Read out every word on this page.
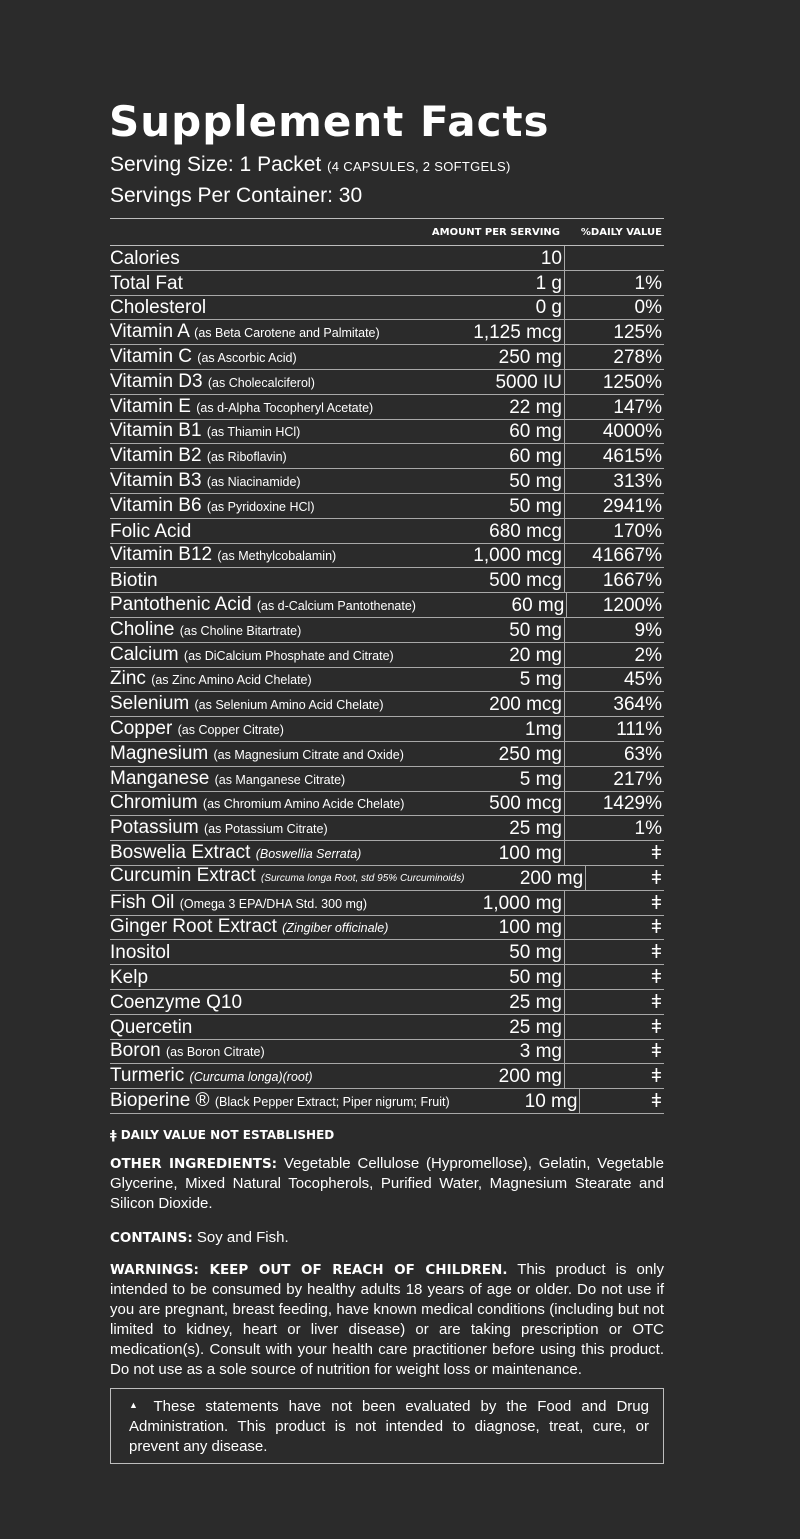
Supplement Facts
Serving Size: 1 Packet (4 CAPSULES, 2 SOFTGELS)
Servings Per Container: 30
AMOUNT PER SERVING	%DAILY VALUE
Calories	10
Total Fat	1 g	1%
Cholesterol	0 g	0%
Vitamin A (as Beta Carotene and Palmitate)	1,125 mcg	125%
Vitamin C (as Ascorbic Acid)	250 mg	278%
Vitamin D3 (as Cholecalciferol)	5000 IU 1250%
Vitamin E (as d-Alpha Tocopheryl Acetate)	22 mg	147%
Vitamin B1 (as Thiamin HCl)	60 mg 4000%
Vitamin B2 (as Riboflavin)	60 mg 4615%
Vitamin B3 (as Niacinamide)	50 mg	313%
Vitamin B6 (as Pyridoxine HCl)	50 mg 2941%
Folic Acid	680 mcg	170%
Vitamin B12 (as Methylcobalamin)	1,000 mcg 41667%
Biotin	500 mcg 1667%
Pantothenic Acid (as d-Calcium Pantothenate)	60 mg 1200%
Choline (as Choline Bitartrate)	50 mg	9%
Calcium (as DiCalcium Phosphate and Citrate)	20 mg	2%
Zinc (as Zinc Amino Acid Chelate)	5 mg	45%
Selenium (as Selenium Amino Acid Chelate)	200 mcg	364%
Copper (as Copper Citrate)	1mg	111%
Magnesium (as Magnesium Citrate and Oxide)	250 mg	63%
Manganese (as Manganese Citrate)	5 mg	217%
Chromium (as Chromium Amino Acide Chelate)	500 mcg 1429%
Potassium (as Potassium Citrate)	25 mg	1%
Boswelia Extract (Boswellia Serrata)	100 mg	ǂ
Curcumin Extract (Surcuma longa Root, std 95% Curcuminoids)	200 mg	ǂ
Fish Oil (Omega 3 EPA/DHA Std. 300 mg)	1,000 mg	ǂ
Ginger Root Extract (Zingiber officinale)	100 mg	ǂ
Inositol	50 mg	ǂ
Kelp	50 mg	ǂ
Coenzyme Q10	25 mg	ǂ
Quercetin	25 mg	ǂ
Boron (as Boron Citrate)	3 mg	ǂ
Turmeric (Curcuma longa)(root)	200 mg	ǂ
Bioperine ® (Black Pepper Extract; Piper nigrum; Fruit)	10 mg	ǂ
ǂ DAILY VALUE NOT ESTABLISHED
OTHER INGREDIENTS: Vegetable Cellulose (Hypromellose), Gelatin, Vegetable Glycerine, Mixed Natural Tocopherols, Purified Water, Magnesium Stearate and Silicon Dioxide.
CONTAINS: Soy and Fish.
WARNINGS: KEEP OUT OF REACH OF CHILDREN. This product is only intended to be consumed by healthy adults 18 years of age or older. Do not use if you are pregnant, breast feeding, have known medical conditions (including but not limited to kidney, heart or liver disease) or are taking prescription or OTC medication(s). Consult with your health care practitioner before using this product. Do not use as a sole source of nutrition for weight loss or maintenance.
▲ These statements have not been evaluated by the Food and Drug Administration. This product is not intended to diagnose, treat, cure, or prevent any disease.
